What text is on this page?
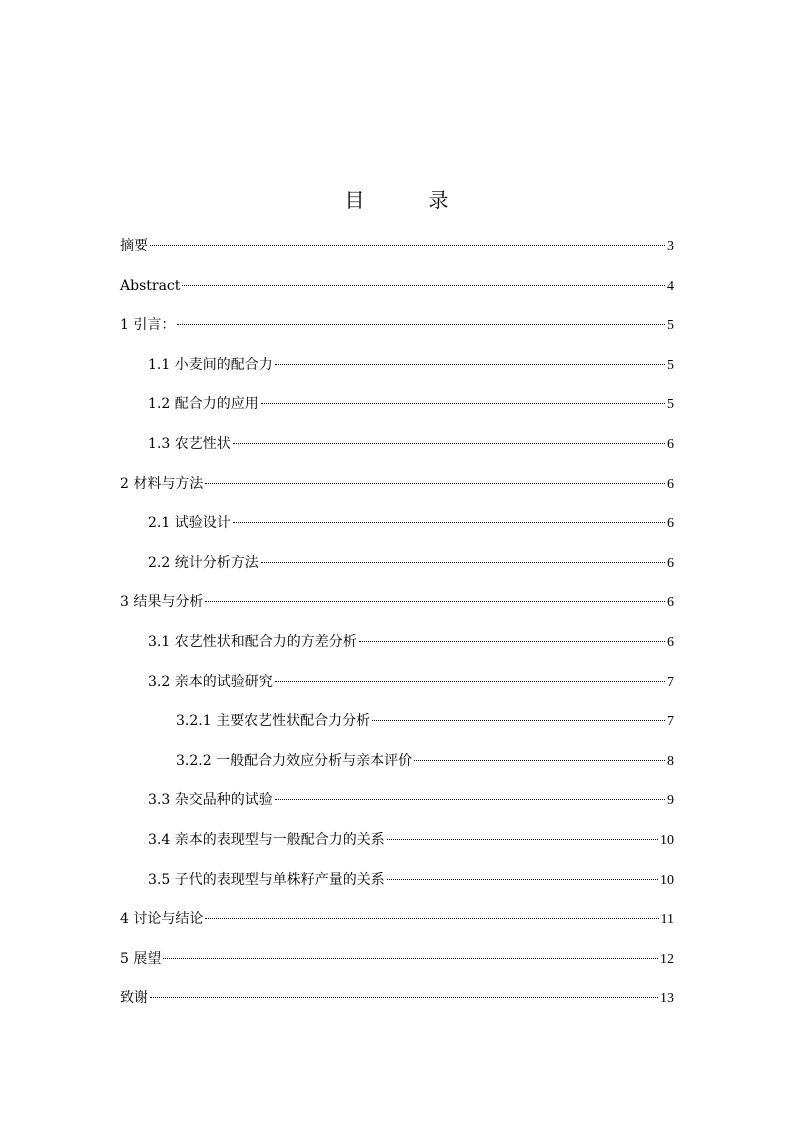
目　录
摘要	3
Abstract	4
1 引言：	5
1.1 小麦间的配合力	5
1.2 配合力的应用	5
1.3 农艺性状	6
2 材料与方法	6
2.1 试验设计	6
2.2 统计分析方法	6
3 结果与分析	6
3.1 农艺性状和配合力的方差分析	6
3.2 亲本的试验研究	7
3.2.1 主要农艺性状配合力分析	7
3.2.2 一般配合力效应分析与亲本评价	8
3.3 杂交品种的试验	9
3.4 亲本的表现型与一般配合力的关系	10
3.5 子代的表现型与单株籽产量的关系	10
4 讨论与结论	11
5 展望	12
致谢	13
